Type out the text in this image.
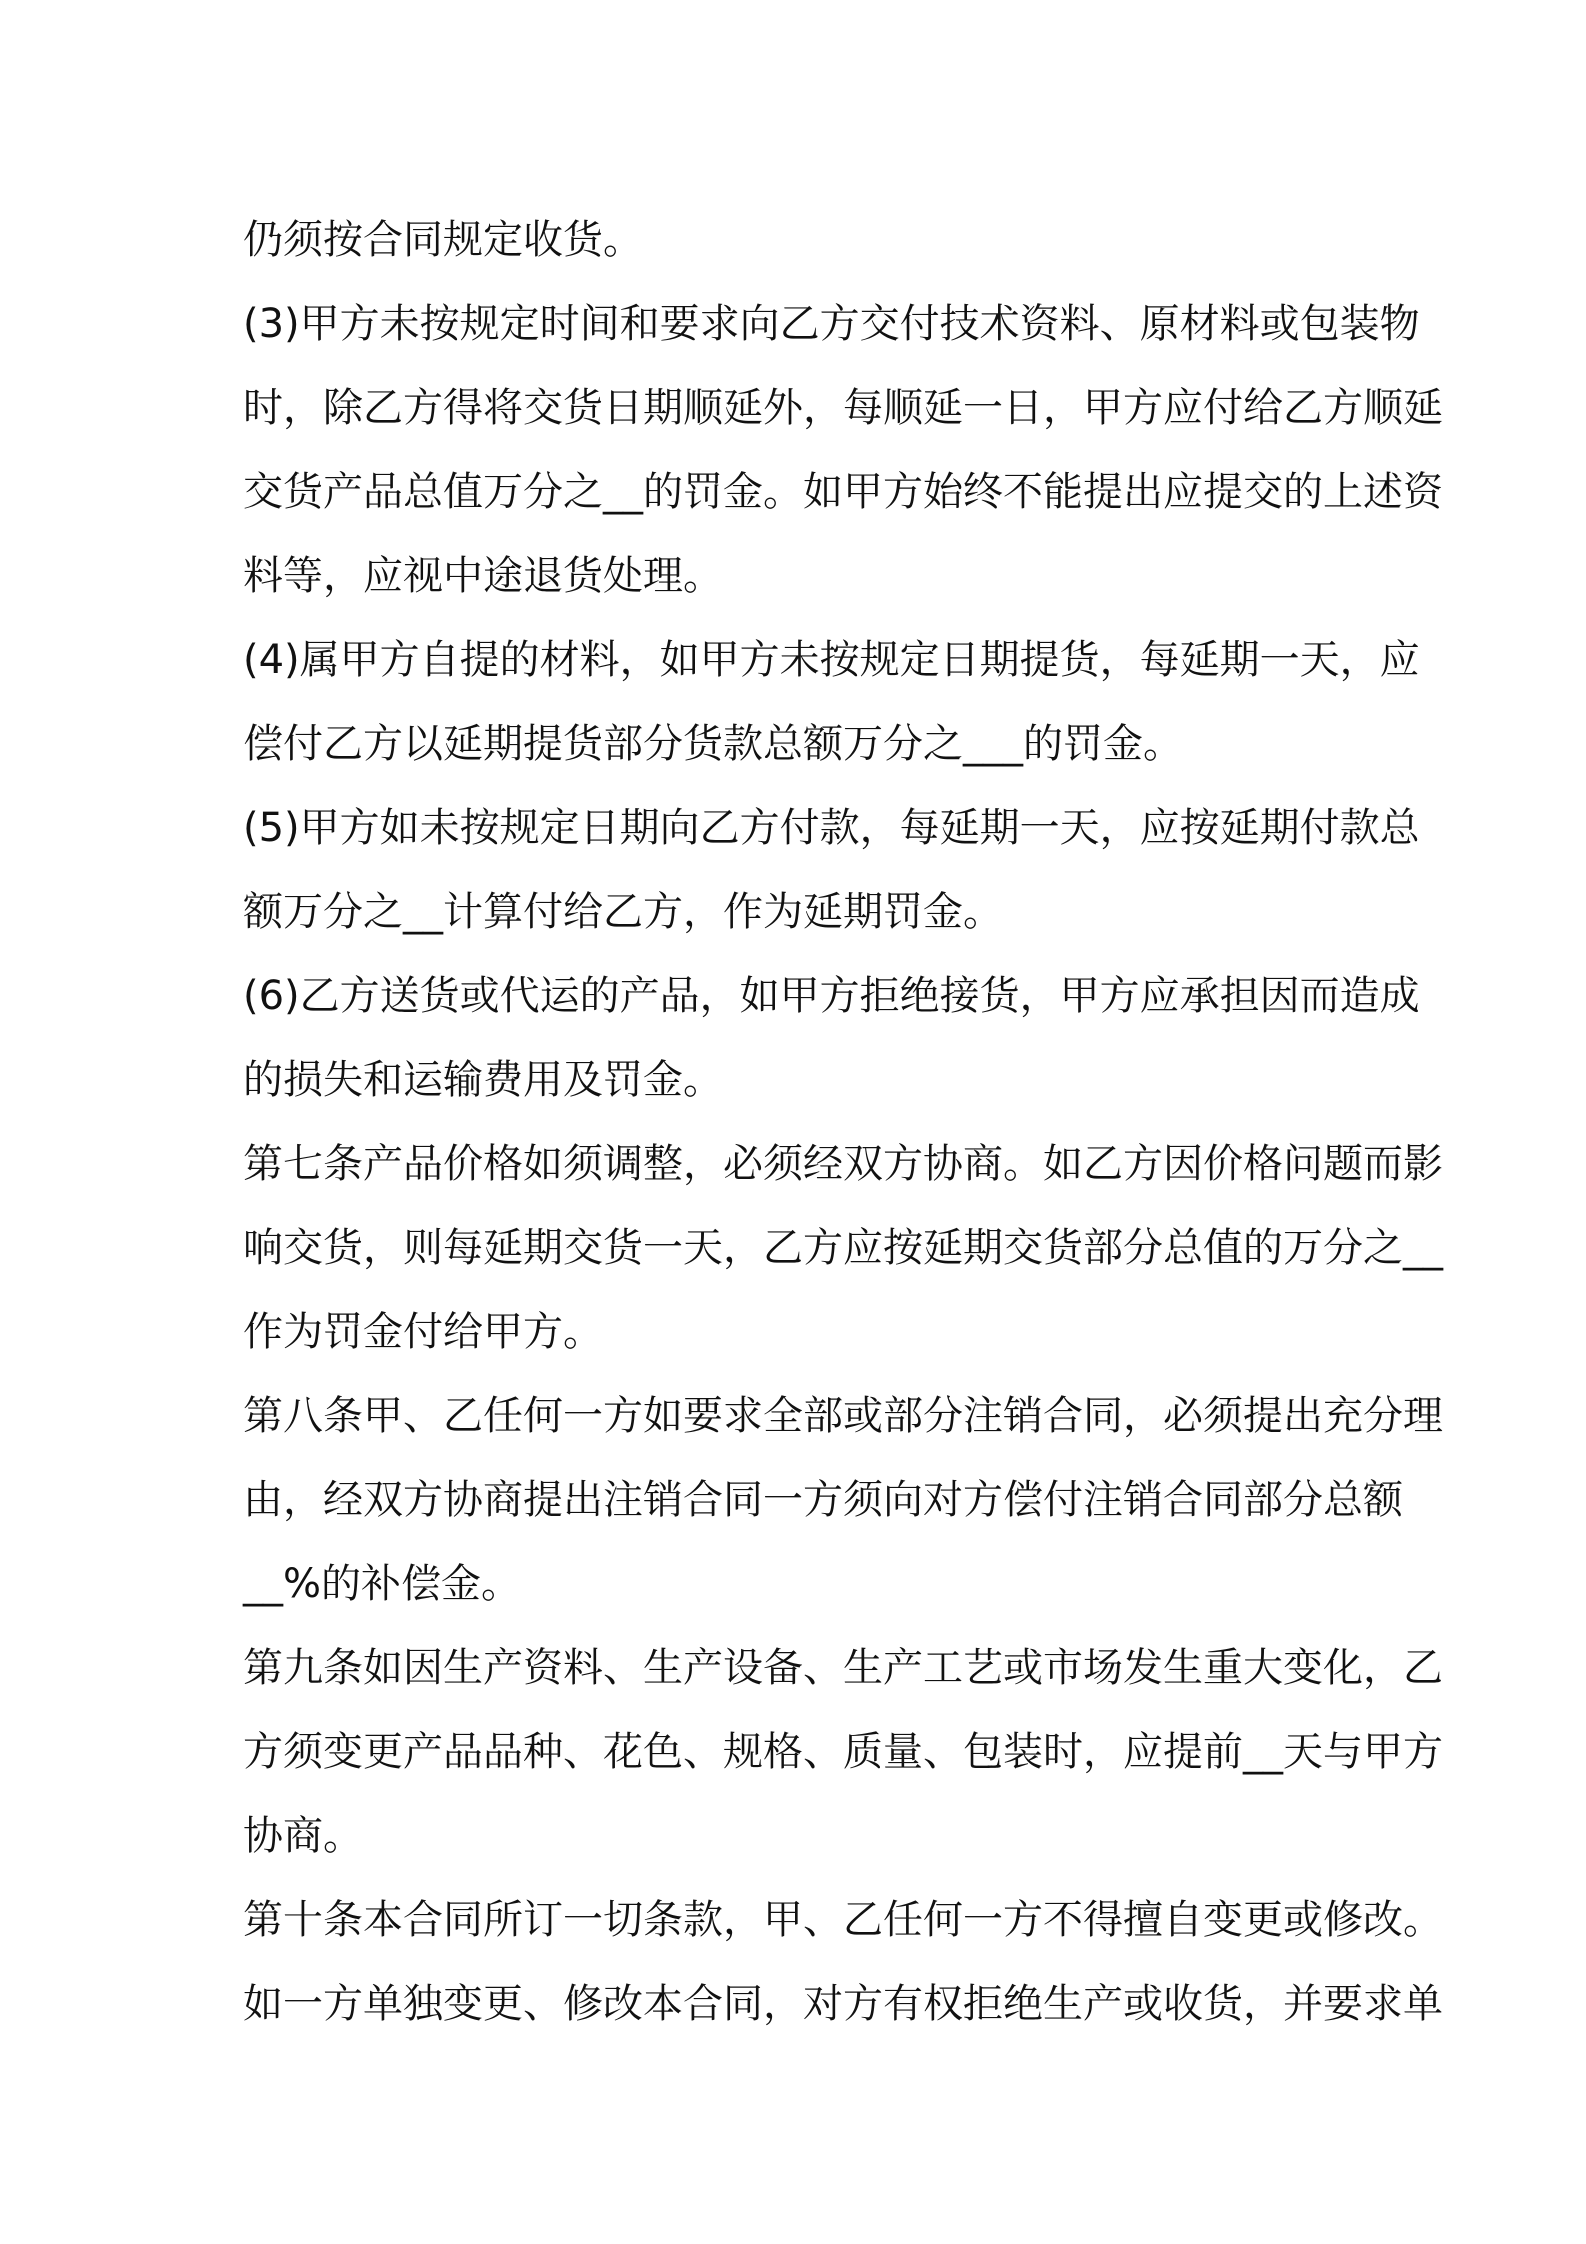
仍须按合同规定收货。

(3)甲方未按规定时间和要求向乙方交付技术资料、原材料或包装物
时，除乙方得将交货日期顺延外，每顺延一日，甲方应付给乙方顺延
交货产品总值万分之__的罚金。如甲方始终不能提出应提交的上述资
料等，应视中途退货处理。

(4)属甲方自提的材料，如甲方未按规定日期提货，每延期一天，应
偿付乙方以延期提货部分货款总额万分之___的罚金。

(5)甲方如未按规定日期向乙方付款，每延期一天，应按延期付款总
额万分之__计算付给乙方，作为延期罚金。

(6)乙方送货或代运的产品，如甲方拒绝接货，甲方应承担因而造成
的损失和运输费用及罚金。

第七条产品价格如须调整，必须经双方协商。如乙方因价格问题而影
响交货，则每延期交货一天，乙方应按延期交货部分总值的万分之__
作为罚金付给甲方。

第八条甲、乙任何一方如要求全部或部分注销合同，必须提出充分理
由，经双方协商提出注销合同一方须向对方偿付注销合同部分总额
__%的补偿金。

第九条如因生产资料、生产设备、生产工艺或市场发生重大变化，乙
方须变更产品品种、花色、规格、质量、包装时，应提前__天与甲方
协商。

第十条本合同所订一切条款，甲、乙任何一方不得擅自变更或修改。
如一方单独变更、修改本合同，对方有权拒绝生产或收货，并要求单
